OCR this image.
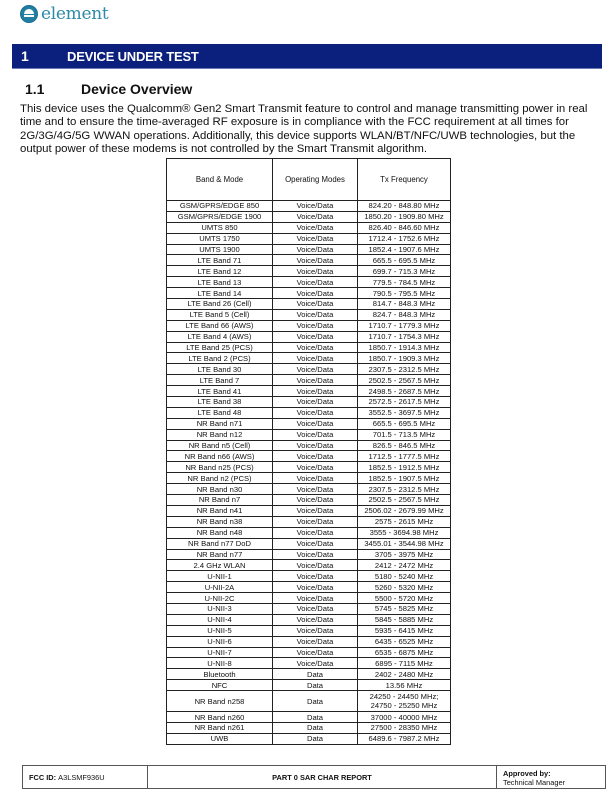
element
1	DEVICE UNDER TEST
1.1	Device Overview
This device uses the Qualcomm® Gen2 Smart Transmit feature to control and manage transmitting power in real time and to ensure the time-averaged RF exposure is in compliance with the FCC requirement at all times for 2G/3G/4G/5G WWAN operations. Additionally, this device supports WLAN/BT/NFC/UWB technologies, but the output power of these modems is not controlled by the Smart Transmit algorithm.
Band & Mode	Operating Modes	Tx Frequency
GSM/GPRS/EDGE 850	Voice/Data	824.20 - 848.80 MHz
GSM/GPRS/EDGE 1900	Voice/Data	1850.20 - 1909.80 MHz
UMTS 850	Voice/Data	826.40 - 846.60 MHz
UMTS 1750	Voice/Data	1712.4 - 1752.6 MHz
UMTS 1900	Voice/Data	1852.4 - 1907.6 MHz
LTE Band 71	Voice/Data	665.5 - 695.5 MHz
LTE Band 12	Voice/Data	699.7 - 715.3 MHz
LTE Band 13	Voice/Data	779.5 - 784.5 MHz
LTE Band 14	Voice/Data	790.5 - 795.5 MHz
LTE Band 26 (Cell)	Voice/Data	814.7 - 848.3 MHz
LTE Band 5 (Cell)	Voice/Data	824.7 - 848.3 MHz
LTE Band 66 (AWS)	Voice/Data	1710.7 - 1779.3 MHz
LTE Band 4 (AWS)	Voice/Data	1710.7 - 1754.3 MHz
LTE Band 25 (PCS)	Voice/Data	1850.7 - 1914.3 MHz
LTE Band 2 (PCS)	Voice/Data	1850.7 - 1909.3 MHz
LTE Band 30	Voice/Data	2307.5 - 2312.5 MHz
LTE Band 7	Voice/Data	2502.5 - 2567.5 MHz
LTE Band 41	Voice/Data	2498.5 - 2687.5 MHz
LTE Band 38	Voice/Data	2572.5 - 2617.5 MHz
LTE Band 48	Voice/Data	3552.5 - 3697.5 MHz
NR Band n71	Voice/Data	665.5 - 695.5 MHz
NR Band n12	Voice/Data	701.5 - 713.5 MHz
NR Band n5 (Cell)	Voice/Data	826.5 - 846.5 MHz
NR Band n66 (AWS)	Voice/Data	1712.5 - 1777.5 MHz
NR Band n25 (PCS)	Voice/Data	1852.5 - 1912.5 MHz
NR Band n2 (PCS)	Voice/Data	1852.5 - 1907.5 MHz
NR Band n30	Voice/Data	2307.5 - 2312.5 MHz
NR Band n7	Voice/Data	2502.5 - 2567.5 MHz
NR Band n41	Voice/Data	2506.02 - 2679.99 MHz
NR Band n38	Voice/Data	2575 - 2615 MHz
NR Band n48	Voice/Data	3555 - 3694.98 MHz
NR Band n77 DoD	Voice/Data	3455.01 - 3544.98 MHz
NR Band n77	Voice/Data	3705 - 3975 MHz
2.4 GHz WLAN	Voice/Data	2412 - 2472 MHz
U-NII-1	Voice/Data	5180 - 5240 MHz
U-NII-2A	Voice/Data	5260 - 5320 MHz
U-NII-2C	Voice/Data	5500 - 5720 MHz
U-NII-3	Voice/Data	5745 - 5825 MHz
U-NII-4	Voice/Data	5845 - 5885 MHz
U-NII-5	Voice/Data	5935 - 6415 MHz
U-NII-6	Voice/Data	6435 - 6525 MHz
U-NII-7	Voice/Data	6535 - 6875 MHz
U-NII-8	Voice/Data	6895 - 7115 MHz
Bluetooth	Data	2402 - 2480 MHz
NFC	Data	13.56 MHz
NR Band n258	Data	24250 - 24450 MHz;
24750 - 25250 MHz

NR Band n260	Data	37000 - 40000 MHz
NR Band n261	Data	27500 - 28350 MHz
UWB	Data	6489.6 - 7987.2 MHz
FCC ID: A3LSMF936U	PART 0 SAR CHAR REPORT	Approved by:
Technical Manager
